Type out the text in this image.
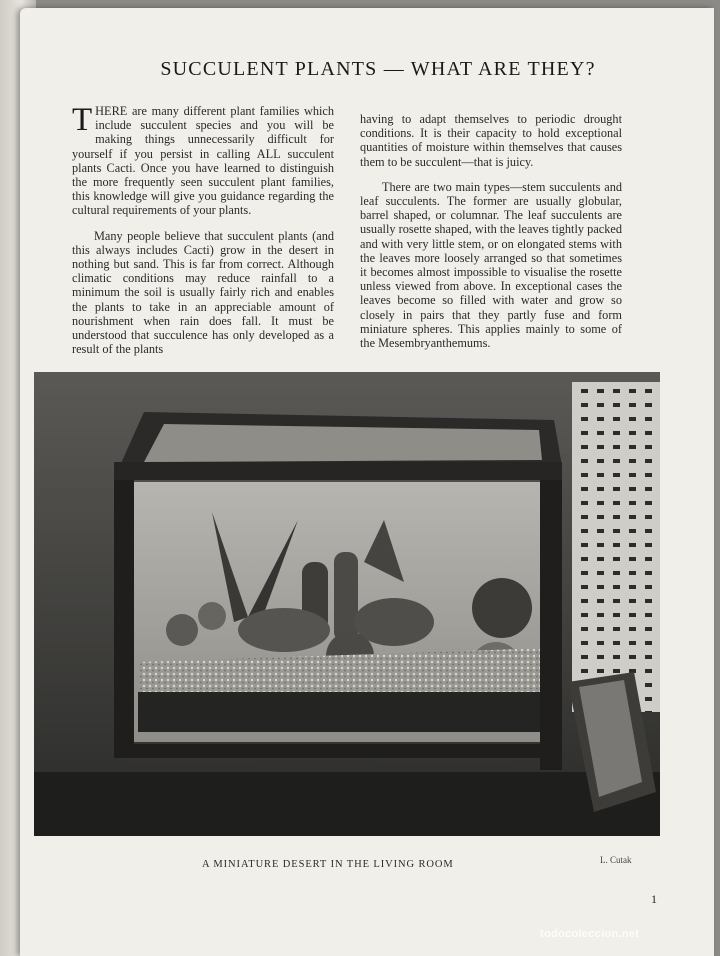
SUCCULENT PLANTS — WHAT ARE THEY?

THERE are many different plant families which include succulent species and you will be making things unnecessarily difficult for yourself if you persist in calling ALL succulent plants Cacti. Once you have learned to distinguish the more frequently seen succulent plant families, this knowledge will give you guidance regarding the cultural requirements of your plants.

Many people believe that succulent plants (and this always includes Cacti) grow in the desert in nothing but sand. This is far from correct. Although climatic conditions may reduce rainfall to a minimum the soil is usually fairly rich and enables the plants to take in an appreciable amount of nourishment when rain does fall. It must be understood that succulence has only developed as a result of the plants

having to adapt themselves to periodic drought conditions. It is their capacity to hold exceptional quantities of moisture within themselves that causes them to be succulent—that is juicy.

There are two main types—stem succulents and leaf succulents. The former are usually globular, barrel shaped, or columnar. The leaf succulents are usually rosette shaped, with the leaves tightly packed and with very little stem, or on elongated stems with the leaves more loosely arranged so that sometimes it becomes almost impossible to visualise the rosette unless viewed from above. In exceptional cases the leaves become so filled with water and grow so closely in pairs that they partly fuse and form miniature spheres. This applies mainly to some of the Mesembryanthemums.

A MINIATURE DESERT IN THE LIVING ROOM	L. Cutak
1
todocoleccion.net
